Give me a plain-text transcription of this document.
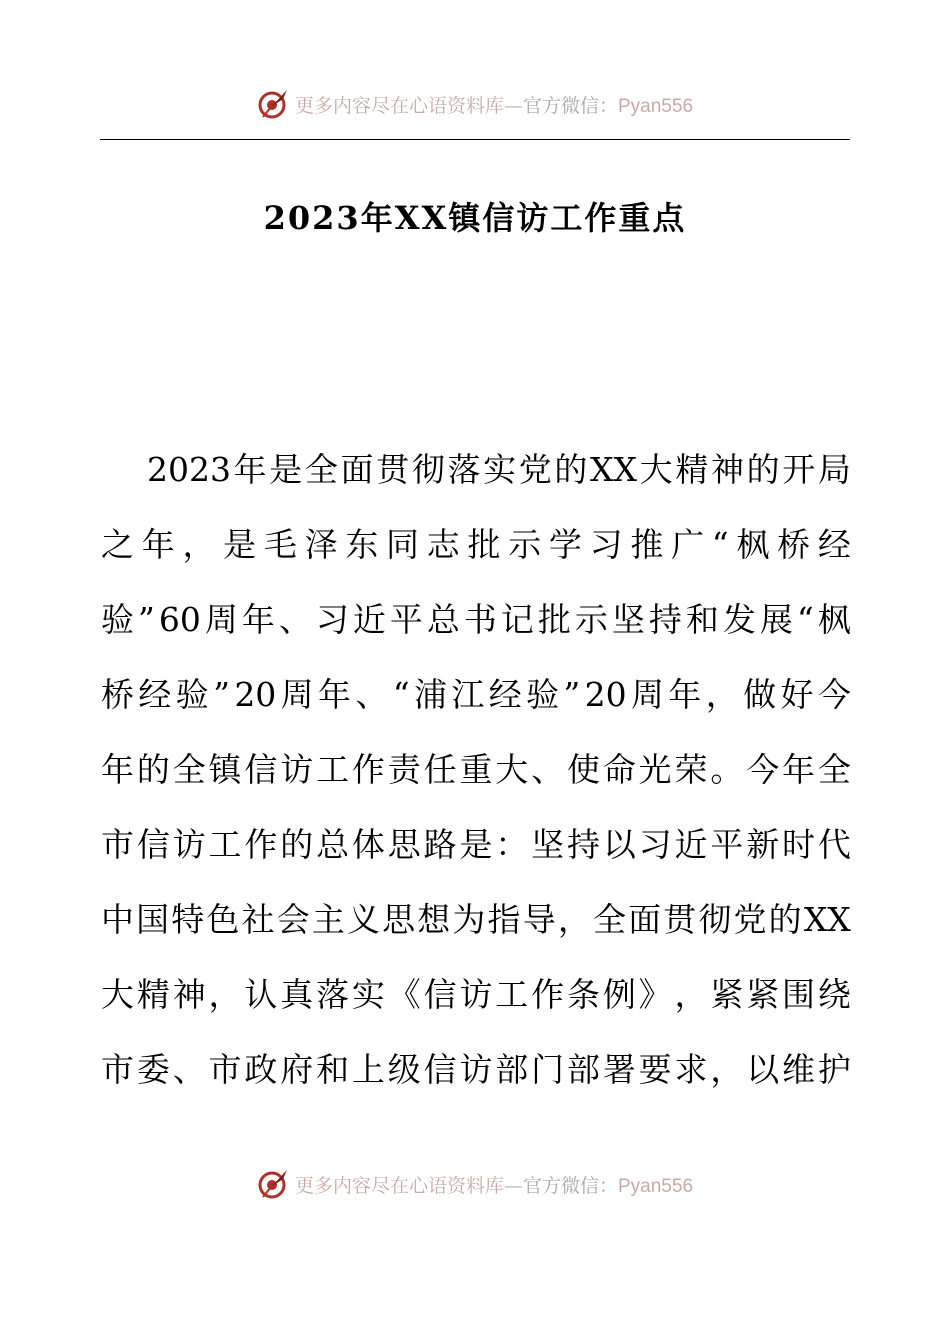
更多内容尽在心语资料库—官方微信：Pyan556
2023年XX镇信访工作重点
2023 年 是 全 面 贯 彻 落 实 党 的 XX 大 精 神 的 开 局
之 年 ， 是 毛 泽 东 同 志 批 示 学 习 推 广 “ 枫 桥 经
验 ” 60 周 年 、 习 近 平 总 书 记 批 示 坚 持 和 发 展 “ 枫
桥 经 验 ” 20 周 年 、 “ 浦 江 经 验 ” 20 周 年 ， 做 好 今
年 的 全 镇 信 访 工 作 责 任 重 大 、 使 命 光 荣 。 今 年 全
市 信 访 工 作 的 总 体 思 路 是 ： 坚 持 以 习 近 平 新 时 代
中 国 特 色 社 会 主 义 思 想 为 指 导 ， 全 面 贯 彻 党 的 XX
大 精 神 ， 认 真 落 实 《 信 访 工 作 条 例 》 ， 紧 紧 围 绕
市 委 、 市 政 府 和 上 级 信 访 部 门 部 署 要 求 ， 以 维 护
更多内容尽在心语资料库—官方微信：Pyan556
